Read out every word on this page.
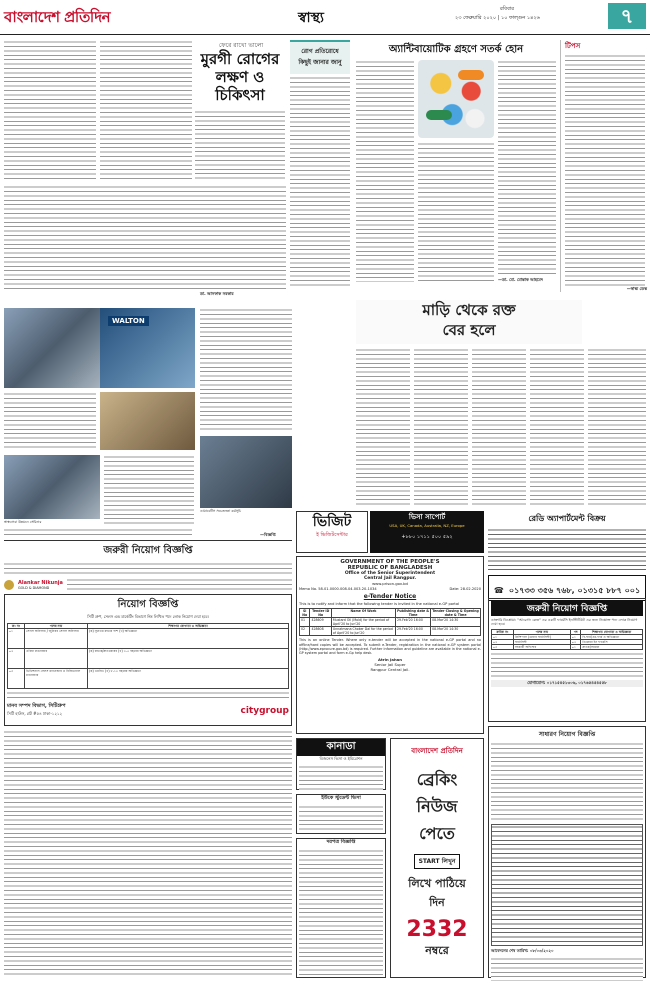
বাংলাদেশ প্রতিদিন	স্বাস্থ্য
রবিবার
২৩ ফেব্রুয়ারি ২০২০ | ১০ ফাল্গুন ১৪২৬	৭
ফেরে রাখো ভালো
মুরগী রোগের
লক্ষণ ও
চিকিৎসা
ডা. আসফাক সরকার
রোগ প্রতিরোধে
কিছুই জানার জানু
অ্যান্টিবায়োটিক গ্রহণে সতর্ক হোন
—ডা. মো. মোস্তাক আহমেদ
টিপস
—স্বাস্থ্য ডেস্ক
মাড়ি থেকে রক্ত
বের হলে
WALTON
স্বাস্থ্যসেবা উন্নয়নে সেমিনার
ডায়াবেটিস সচেতনতা কর্মসূচি
—বিজ্ঞপ্তি
ভিজিট
ই ভিজিটসেন্টার
ভিসা সাপোর্ট
USA, UK, Canada, Australia, NZ, Europe
+৮৮০ ১৭১১ ৫০০ ৫৯২
রেডি অ্যাপার্টমেন্ট বিক্রয়
☎ ০১৭৩৩ ৩৫৬ ৭৬৮, ০১৩১৫ ৮৮৭ ০০১
GOVERNMENT OF THE PEOPLE'S
REPUBLIC OF BANGLADESH
Office of the Senior Superintendent
Central Jail Rangpur.
www.prison.gov.bd
Memo No. 58.01.0000.008.04.003.20-1034	Date: 28.02.2020
e-Tender Notice
This is to notify and inform that the following tender is invited in the national e-GP portal
Sl No	Tender ID No	Name Of Work	Publishing date & Time	Tender Closing & Opening date & Time
01	428609	Mustard Oil (Mold) for the period of April'20 to Jun'20	29.Feb'20 16:00	08.Mar'20 14:30
02	428608	Unnatmana Choker Dal for the period of April'20 to Jun'20	29.Feb'20 16:00	08.Mar'20 14:30
This is an online Tender. Where only e-tender will be accepted in the national e-GP portal and no offline/hard copies will be accepted. To submit e-Tender, registration in the national e-GP system portal (http://www.eprocure.gov.bd) is required. Further information and guideline are available in the national e-GP system portal and form e-Gp help desk.
Atrin Jahan
Senior Jail Super
Rangpur Central Jail.
জরুরী নিয়োগ বিজ্ঞপ্তি
ডাক্তারি ডিপ্লোমা: "আরোগ্য কেন্দ্র" এর একটি ফার্মেসি ইনস্টিটিউট এর জন্য নিম্নোক্ত পদে লোক নিয়োগ দেয়া হবে।
ক্রমিক নং	পদের নাম	পদ	শিক্ষাগত যোগ্যতা ও অভিজ্ঞতা
০১	প্রিন্সিপাল (চেয়ার ফার্মাসিস্ট)	০১	বি.ফার্ম/এম.ফার্ম ও অভিজ্ঞতা
০২	ফার্মাসিস্ট	০২	ডিপ্লোমা ইন ফার্মেসি
০৩	সহকারী অফিসার	০১	স্নাতক/সমমান
যোগাযোগ: ০১৭১৫৪৫১৩০৬, ০১৭৬৫৪৫৪৫৫৮
জরুরী নিয়োগ বিজ্ঞপ্তি
Alankar Nikunja
GOLD & DIAMOND
নিয়োগ বিজ্ঞপ্তি
সিটি গ্রুপ, সেলস এন্ড মার্কেটিং বিভাগে নিম্ন লিখিত পদে লোক নিয়োগ দেয়া হবে।
ক্র: নং	পদের নাম	শিক্ষাগত যোগ্যতা ও অভিজ্ঞতা
০১	সেলস অফিসার / জুনিয়র সেলস অফিসার	(ক) ন্যূনতম স্নাতক পাশ (খ) অভিজ্ঞতা
০২	এরিয়া ম্যানেজার	(ক) স্নাতক/স্নাতকোত্তর (খ) ৩-৫ বছরের অভিজ্ঞতা
০৩	ডিভিশনাল সেলস ম্যানেজার ও রিজিওনাল ম্যানেজার	(ক) এমবিএ (খ) ৮-১২ বছরের অভিজ্ঞতা
মানব সম্পদ বিভাগ, সিটিগ্রুপ
সিটি হাউস, প্লট #৫৪ ঢাকা-১২১২	citygroup
কানাডা
বিজনেস ভিসা ও ইমিগ্রেশন
ইউকে স্টুডেন্ট ভিসা
দরপত্র বিজ্ঞপ্তি
বাংলাদেশ প্রতিদিন
ব্রেকিং
নিউজ
পেতে
START লিখুন
লিখে পাঠিয়ে
দিন
2332
নম্বরে
সাধারণ নিয়োগ বিজ্ঞপ্তি
আবেদনের শেষ তারিখ: ০৮/০৩/২০২০
